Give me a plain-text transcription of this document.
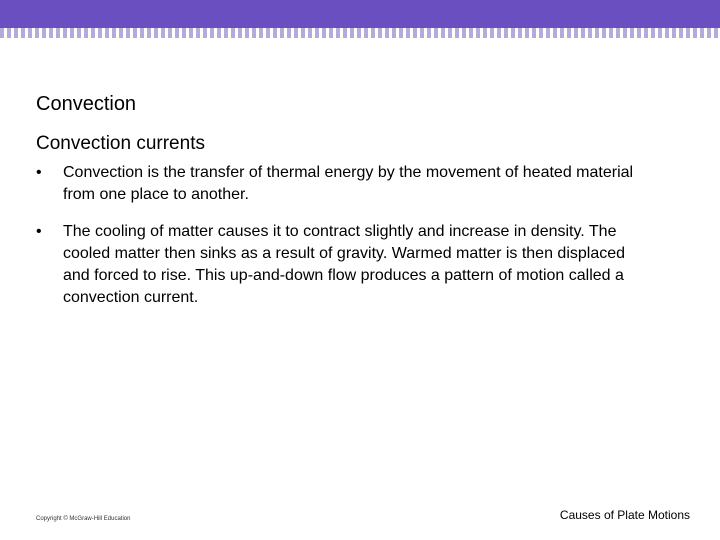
Convection
Convection currents
•	Convection is the transfer of thermal energy by the movement of heated material from one place to another.
•	The cooling of matter causes it to contract slightly and increase in density. The cooled matter then sinks as a result of gravity. Warmed matter is then displaced and forced to rise. This up-and-down flow produces a pattern of motion called a convection current.
Copyright © McGraw-Hill Education	Causes of Plate Motions
